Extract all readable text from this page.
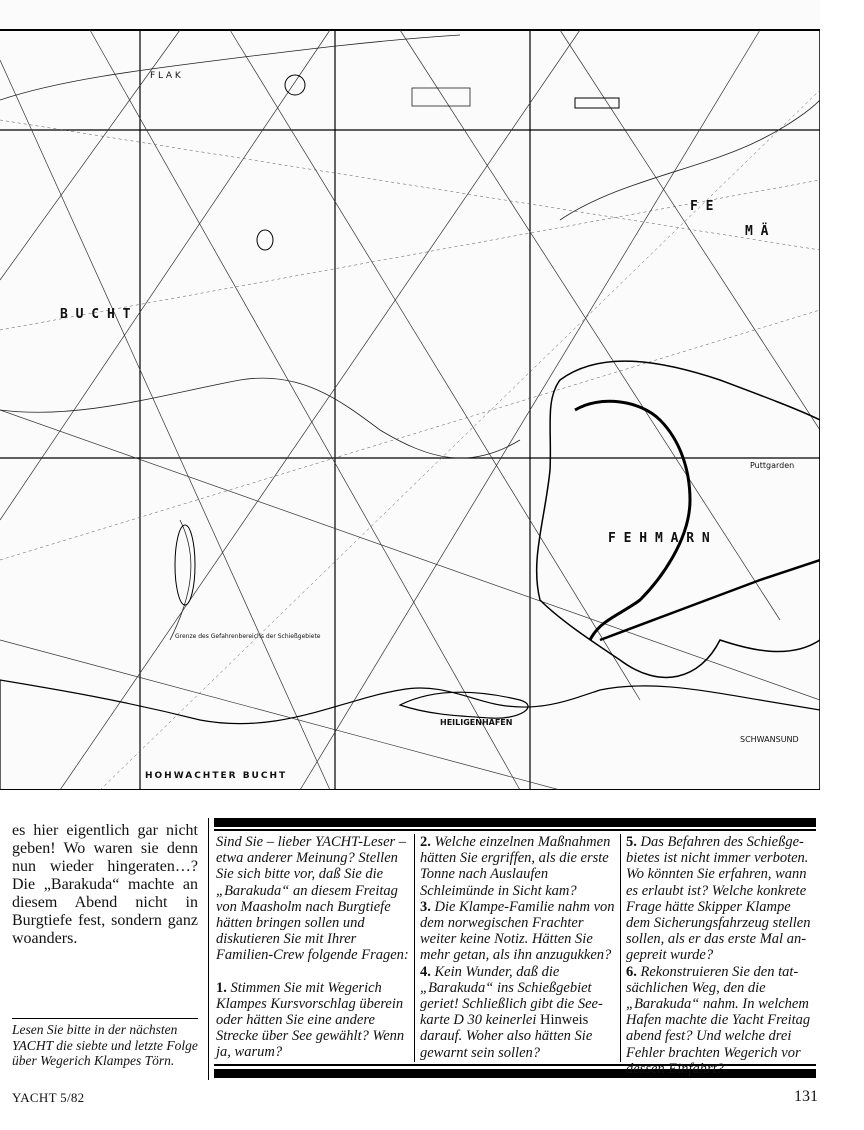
B U C H T
F E H M A R N
F E
M Ä
HEILIGENHAFEN
HOHWACHTER BUCHT
SCHWANSUND
Puttgarden
F L A K
Grenze des Gefahrenbereichs der Schießgebiete
es hier eigentlich gar nicht geben! Wo waren sie denn nun wieder hingeraten…? Die „Barakuda“ machte an diesem Abend nicht in Burgtiefe fest, sondern ganz woanders.
Lesen Sie bitte in der nächsten YACHT die siebte und letzte Folge über Wegerich Klampes Törn.

Sind Sie – lieber YACHT-Leser – etwa anderer Meinung? Stellen Sie sich bitte vor, daß Sie die „Barakuda“ an diesem Freitag von Maasholm nach Burgtiefe hätten bringen sollen und diskutieren Sie mit Ihrer Familien-Crew folgende Fragen:

1. Stimmen Sie mit Wegerich Klampes Kursvorschlag überein oder hätten Sie eine andere Strecke über See gewählt? Wenn ja, warum?

2. Welche einzelnen Maßnahmen hätten Sie ergriffen, als die erste Tonne nach Auslaufen Schleimünde in Sicht kam?

3. Die Klampe-Familie nahm von dem norwegischen Frachter weiter keine Notiz. Hätten Sie mehr getan, als ihn anzugukken?

4. Kein Wunder, daß die „Barakuda“ ins Schießgebiet geriet! Schließlich gibt die Seekarte D 30 keinerlei Hinweis darauf. Woher also hätten Sie gewarnt sein sollen?

5. Das Befahren des Schießgebietes ist nicht immer verboten. Wo könnten Sie erfahren, wann es erlaubt ist? Welche konkrete Frage hätte Skipper Klampe dem Sicherungsfahrzeug stellen sollen, als er das erste Mal angepreit wurde?

6. Rekonstruieren Sie den tatsächlichen Weg, den die „Barakuda“ nahm. In welchem Hafen machte die Yacht Freitag abend fest? Und welche drei Fehler brachten Wegerich vor dessen Einfahrt?

YACHT 5/82	131
